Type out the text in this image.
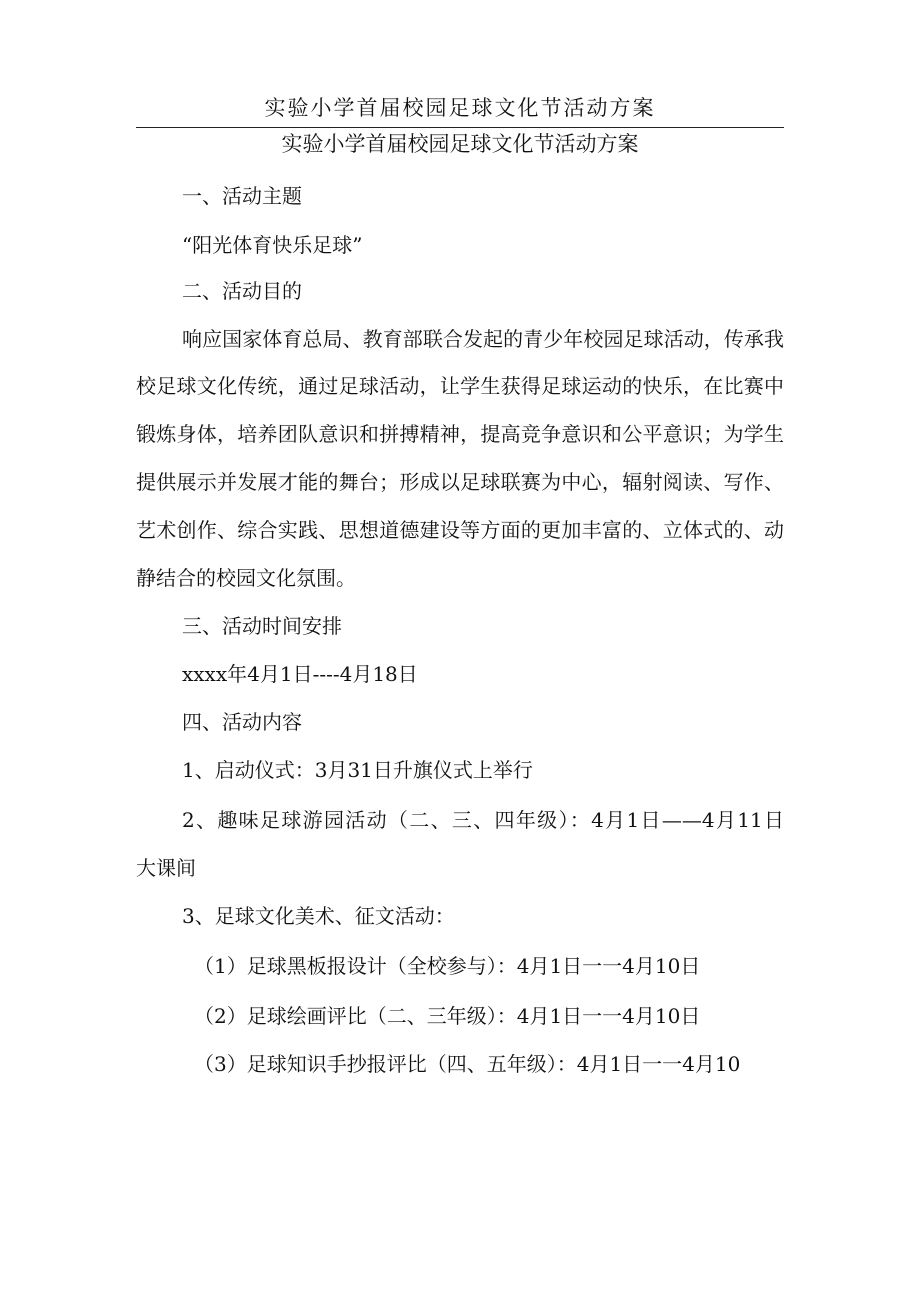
实验小学首届校园足球文化节活动方案
实验小学首届校园足球文化节活动方案
一、活动主题
“阳光体育快乐足球”
二、活动目的
响应国家体育总局、教育部联合发起的青少年校园足球活动，传承我
校足球文化传统，通过足球活动，让学生获得足球运动的快乐，在比赛中
锻炼身体，培养团队意识和拼搏精神，提高竞争意识和公平意识；为学生
提供展示并发展才能的舞台；形成以足球联赛为中心，辐射阅读、写作、
艺术创作、综合实践、思想道德建设等方面的更加丰富的、立体式的、动
静结合的校园文化氛围。
三、活动时间安排
xxxx年4月1日----4月18日
四、活动内容
1、启动仪式：3月31日升旗仪式上举行
2、趣味足球游园活动（二、三、四年级）：4月1日——4月11日
大课间
3、足球文化美术、征文活动：
（1）足球黑板报设计（全校参与）：4月1日一一4月10日
（2）足球绘画评比（二、三年级）：4月1日一一4月10日
（3）足球知识手抄报评比（四、五年级）：4月1日一一4月10
